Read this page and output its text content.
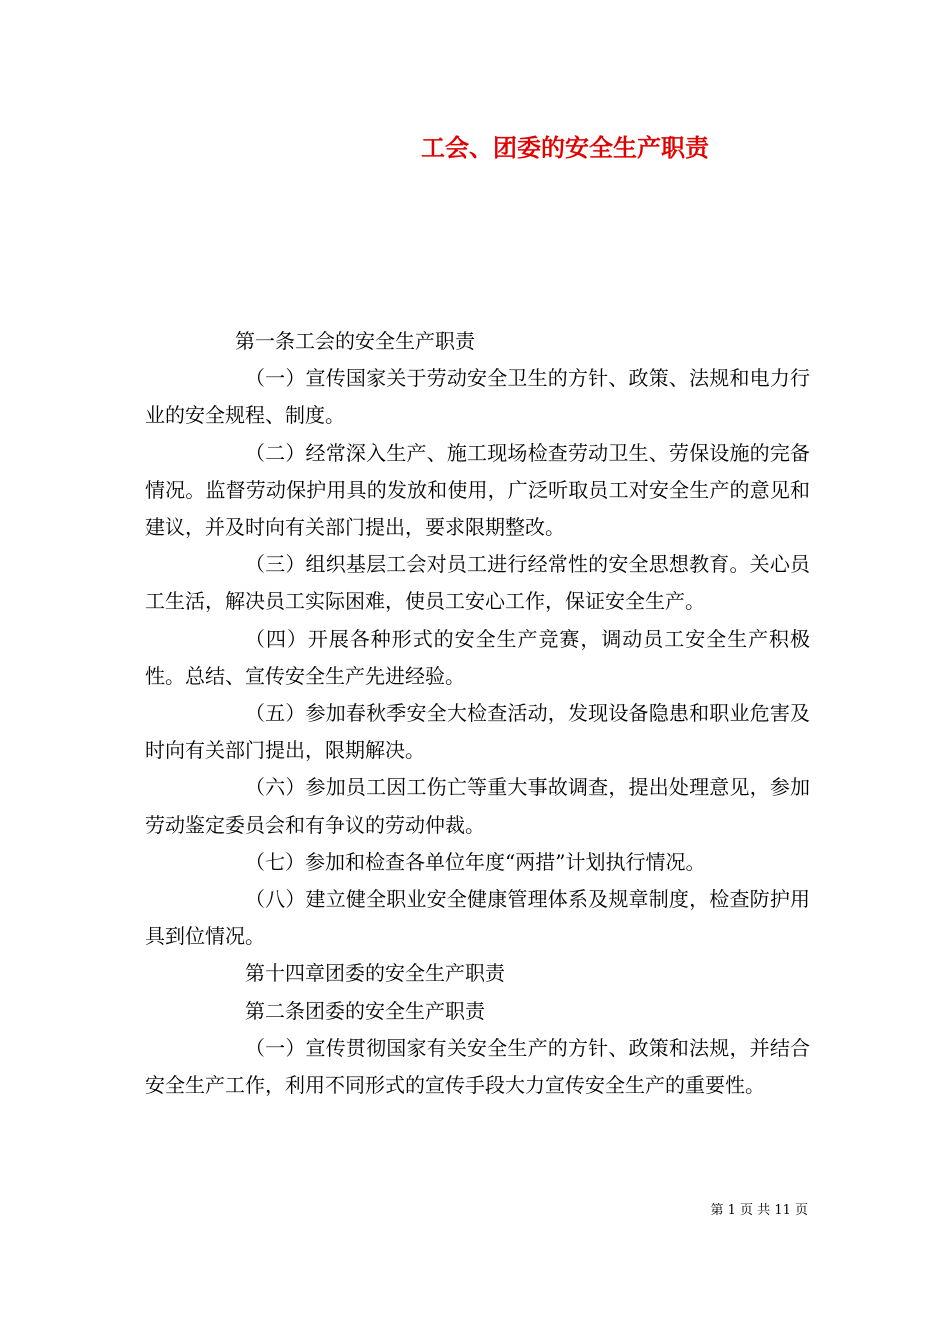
工会、团委的安全生产职责

第一条工会的安全生产职责

（一）宣传国家关于劳动安全卫生的方针、政策、法规和电力行业的安全规程、制度。

（二）经常深入生产、施工现场检查劳动卫生、劳保设施的完备情况。监督劳动保护用具的发放和使用，广泛听取员工对安全生产的意见和建议，并及时向有关部门提出，要求限期整改。

（三）组织基层工会对员工进行经常性的安全思想教育。关心员工生活，解决员工实际困难，使员工安心工作，保证安全生产。

（四）开展各种形式的安全生产竞赛，调动员工安全生产积极性。总结、宣传安全生产先进经验。

（五）参加春秋季安全大检查活动，发现设备隐患和职业危害及时向有关部门提出，限期解决。

（六）参加员工因工伤亡等重大事故调查，提出处理意见，参加劳动鉴定委员会和有争议的劳动仲裁。

（七）参加和检查各单位年度“两措”计划执行情况。

（八）建立健全职业安全健康管理体系及规章制度，检查防护用具到位情况。

第十四章团委的安全生产职责

第二条团委的安全生产职责

（一）宣传贯彻国家有关安全生产的方针、政策和法规，并结合安全生产工作，利用不同形式的宣传手段大力宣传安全生产的重要性。

第 1 页 共 11 页
